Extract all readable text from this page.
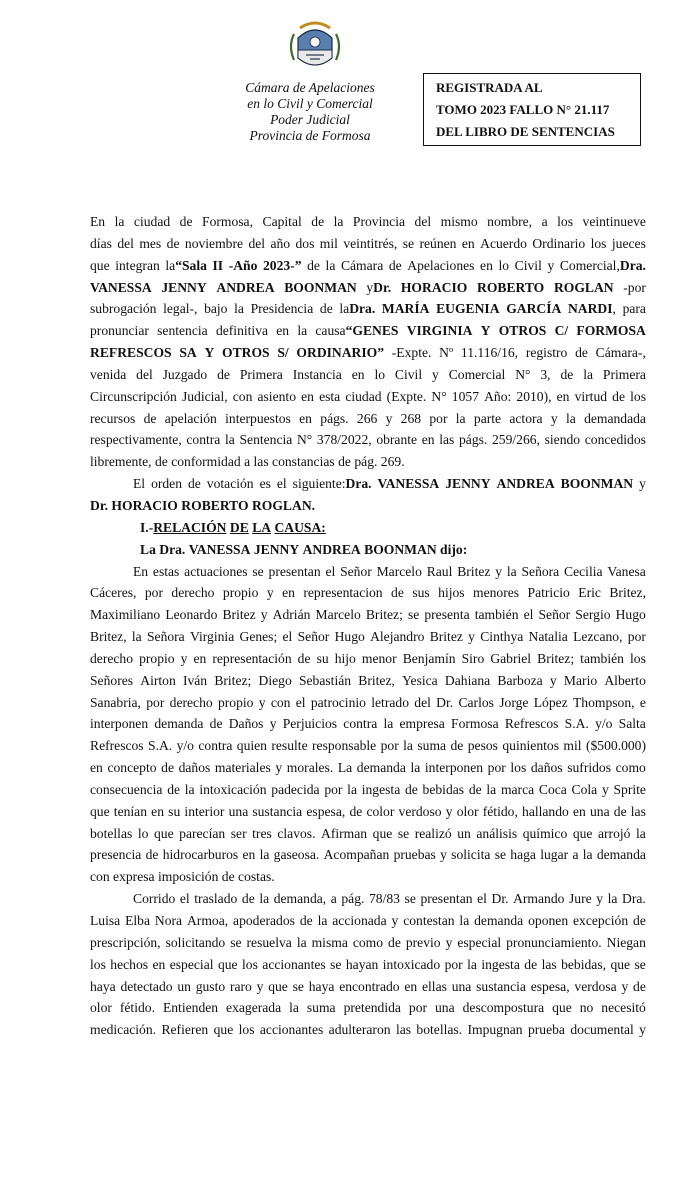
Cámara de Apelaciones
en lo Civil y Comercial
Poder Judicial
Provincia de Formosa
REGISTRADA AL
TOMO 2023 FALLO N° 21.117
DEL LIBRO DE SENTENCIAS
En la ciudad de Formosa, Capital de la Provincia del mismo nombre, a los veintinueve
días del mes de noviembre del año dos mil veintitrés, se reúnen en Acuerdo Ordinario los jueces
que integran la“Sala II -Año 2023-” de la Cámara de Apelaciones en lo Civil y Comercial,Dra.
VANESSA JENNY ANDREA BOONMAN yDr. HORACIO ROBERTO ROGLAN -por
subrogación legal-, bajo la Presidencia de laDra. MARÍA EUGENIA GARCÍA NARDI, para
pronunciar sentencia definitiva en la causa“GENES VIRGINIA Y OTROS C/ FORMOSA
REFRESCOS SA Y OTROS S/ ORDINARIO” -Expte. Nº 11.116/16, registro de Cámara-,
venida del Juzgado de Primera Instancia en lo Civil y Comercial N° 3, de la Primera
Circunscripción Judicial, con asiento en esta ciudad (Expte. N° 1057 Año: 2010), en virtud de los
recursos de apelación interpuestos en págs. 266 y 268 por la parte actora y la demandada
respectivamente, contra la Sentencia N° 378/2022, obrante en las págs. 259/266, siendo concedidos
libremente, de conformidad a las constancias de pág. 269.
El orden de votación es el siguiente:Dra. VANESSA JENNY ANDREA BOONMAN y
Dr. HORACIO ROBERTO ROGLAN.
I.-RELACIÓN DE LA CAUSA:
La Dra. VANESSA JENNY ANDREA BOONMAN dijo:
En estas actuaciones se presentan el Señor Marcelo Raul Britez y la Señora Cecilia Vanesa
Cáceres, por derecho propio y en representacion de sus hijos menores Patricio Eric Britez,
Maximiliano Leonardo Britez y Adrián Marcelo Britez; se presenta también el Señor Sergio Hugo
Britez, la Señora Virginia Genes; el Señor Hugo Alejandro Britez y Cinthya Natalia Lezcano, por
derecho propio y en representación de su hijo menor Benjamín Siro Gabriel Britez; también los
Señores Airton Iván Britez; Diego Sebastián Britez, Yesica Dahiana Barboza y Mario Alberto
Sanabria, por derecho propio y con el patrocinio letrado del Dr. Carlos Jorge López Thompson, e
interponen demanda de Daños y Perjuicios contra la empresa Formosa Refrescos S.A. y/o Salta
Refrescos S.A. y/o contra quien resulte responsable por la suma de pesos quinientos mil ($500.000)
en concepto de daños materiales y morales. La demanda la interponen por los daños sufridos como
consecuencia de la intoxicación padecida por la ingesta de bebidas de la marca Coca Cola y Sprite
que tenían en su interior una sustancia espesa, de color verdoso y olor fétido, hallando en una de las
botellas lo que parecían ser tres clavos. Afirman que se realizó un análisis químico que arrojó la
presencia de hidrocarburos en la gaseosa. Acompañan pruebas y solicita se haga lugar a la demanda
con expresa imposición de costas.
Corrido el traslado de la demanda, a pág. 78/83 se presentan el Dr. Armando Jure y la Dra.
Luisa Elba Nora Armoa, apoderados de la accionada y contestan la demanda oponen excepción de
prescripción, solicitando se resuelva la misma como de previo y especial pronunciamiento. Niegan
los hechos en especial que los accionantes se hayan intoxicado por la ingesta de las bebidas, que se
haya detectado un gusto raro y que se haya encontrado en ellas una sustancia espesa, verdosa y de
olor fétido. Entienden exagerada la suma pretendida por una descompostura que no necesitó
medicación. Refieren que los accionantes adulteraron las botellas. Impugnan prueba documental y
